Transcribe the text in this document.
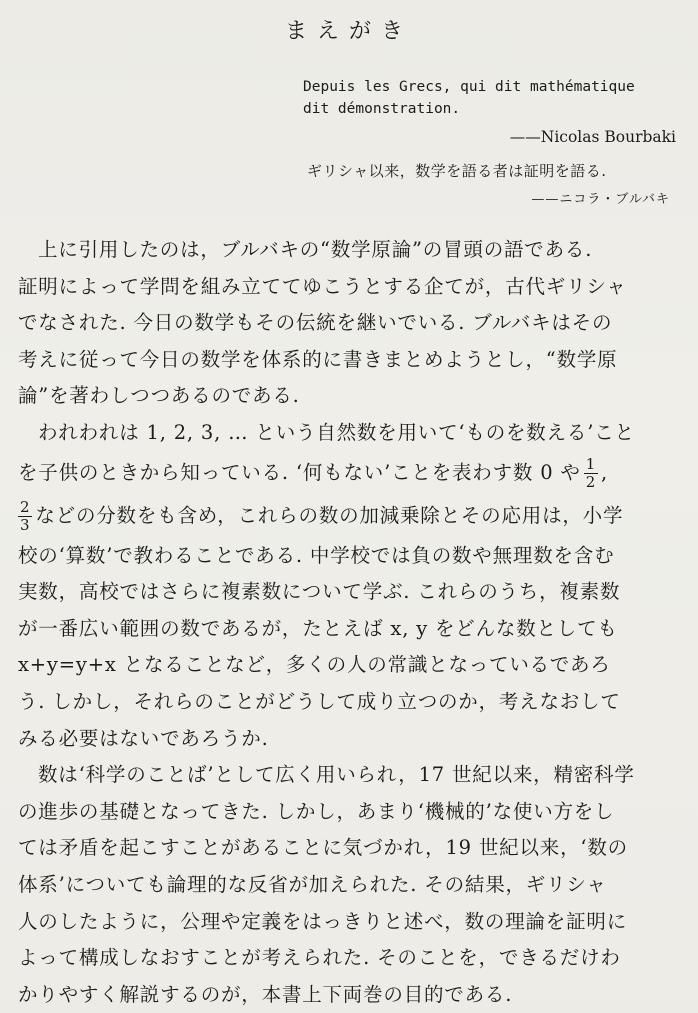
まえがき
Depuis les Grecs, qui dit mathématique
dit démonstration.
——Nicolas Bourbaki
ギリシャ以来，数学を語る者は証明を語る.
——ニコラ・ブルバキ
上に引用したのは，ブルバキの“数学原論”の冒頭の語である.
証明によって学問を組み立ててゆこうとする企てが，古代ギリシャ
でなされた. 今日の数学もその伝統を継いでいる. ブルバキはその
考えに従って今日の数学を体系的に書きまとめようとし，“数学原
論”を著わしつつあるのである.
われわれは 1, 2, 3, … という自然数を用いて‘ものを数える’こと
を子供のときから知っている. ‘何もない’ことを表わす数 0 や $\frac{1}{2}$ ,
$\frac{2}{3}$ などの分数をも含め，これらの数の加減乗除とその応用は，小学
校の‘算数’で教わることである. 中学校では負の数や無理数を含む
実数，高校ではさらに複素数について学ぶ. これらのうち，複素数
が一番広い範囲の数であるが，たとえば x, y をどんな数としても
x+y=y+x となることなど，多くの人の常識となっているであろ
う. しかし，それらのことがどうして成り立つのか，考えなおして
みる必要はないであろうか.
数は‘科学のことば’として広く用いられ，17 世紀以来，精密科学
の進歩の基礎となってきた. しかし，あまり‘機械的’な使い方をし
ては矛盾を起こすことがあることに気づかれ，19 世紀以来，‘数の
体系’についても論理的な反省が加えられた. その結果，ギリシャ
人のしたように，公理や定義をはっきりと述べ，数の理論を証明に
よって構成しなおすことが考えられた. そのことを，できるだけわ
かりやすく解説するのが，本書上下両巻の目的である.
